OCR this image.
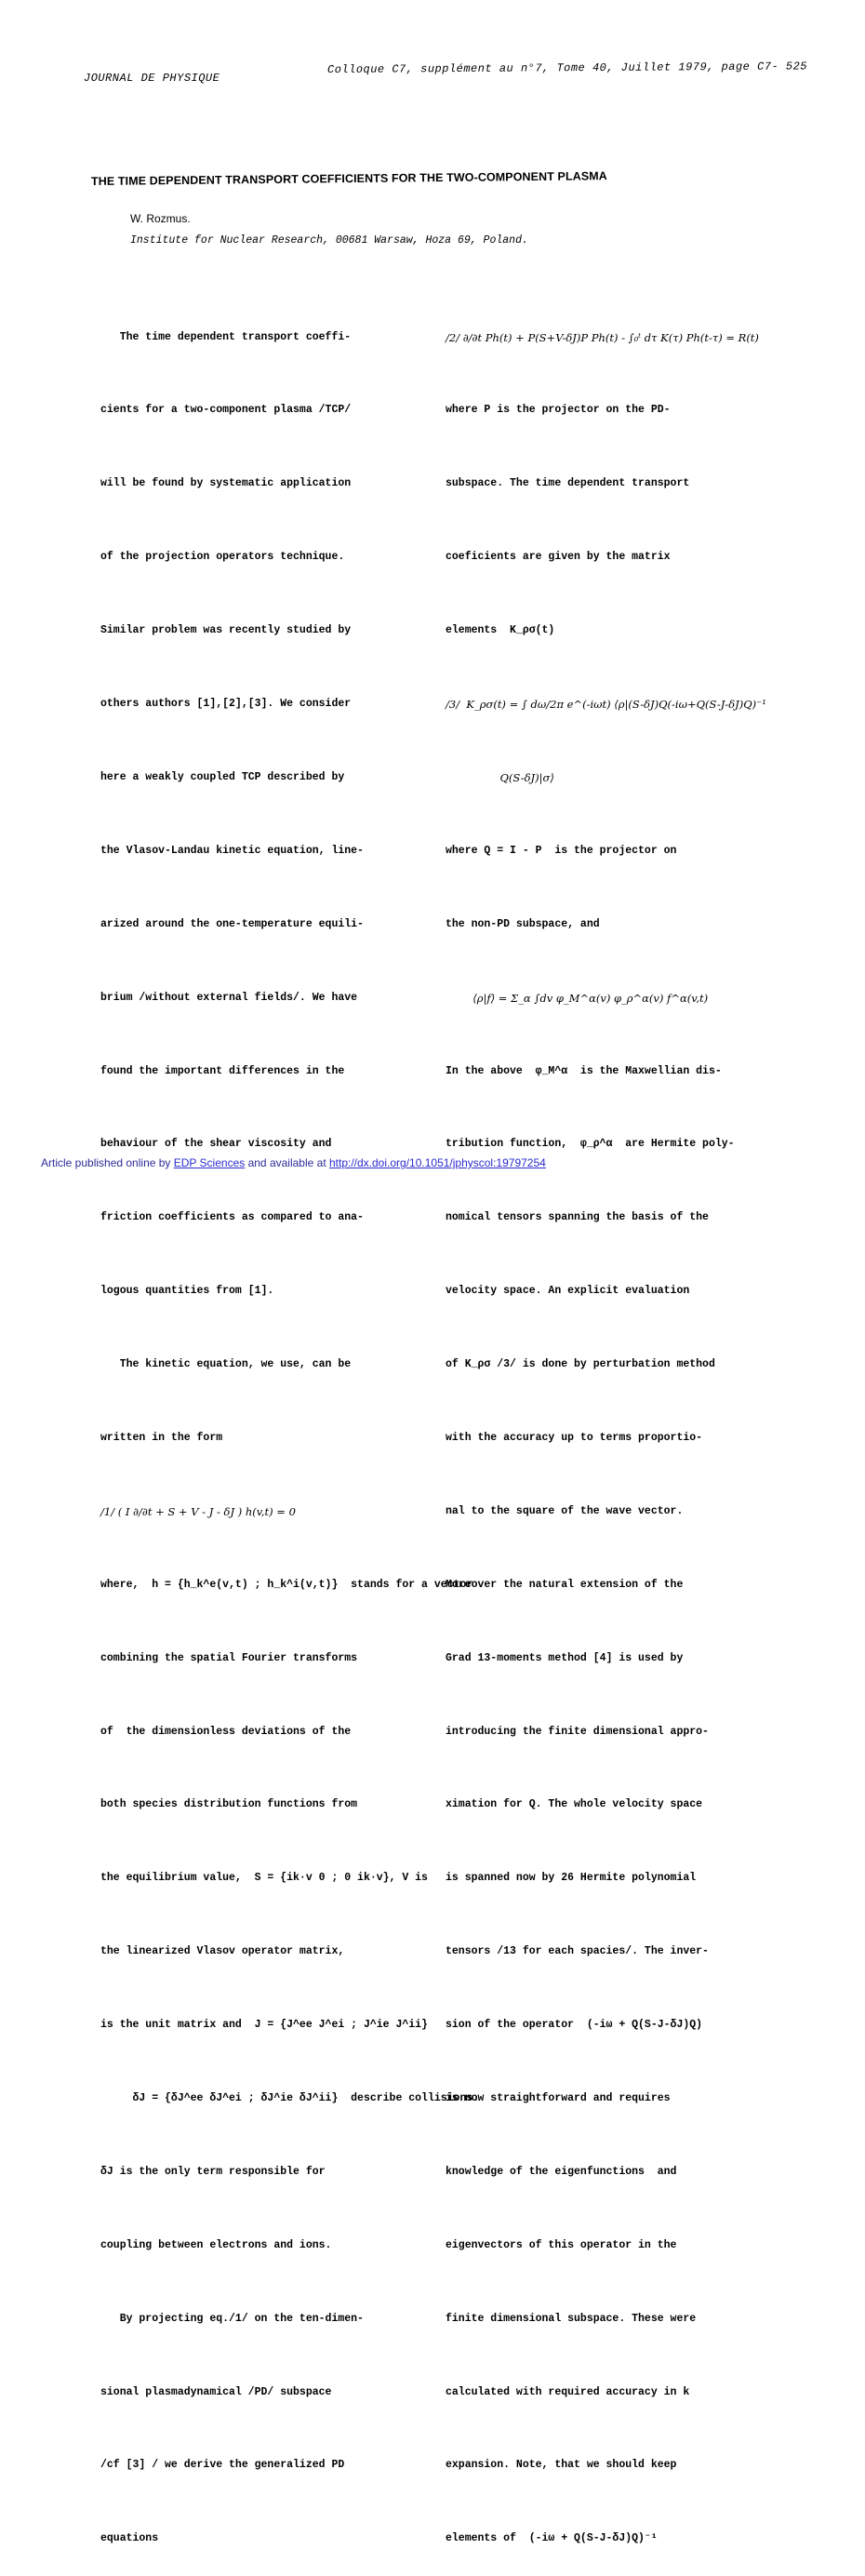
JOURNAL DE PHYSIQUE
Colloque C7, supplément au n°7, Tome 40, Juillet 1979, page C7- 525
THE TIME DEPENDENT TRANSPORT COEFFICIENTS FOR THE TWO-COMPONENT PLASMA
W. Rozmus.
Institute for Nuclear Research, 00681 Warsaw, Hoza 69, Poland.

The time dependent transport coeffi-

cients for a two-component plasma /TCP/

will be found by systematic application

of the projection operators technique.

Similar problem was recently studied by

others authors [1],[2],[3]. We consider

here a weakly coupled TCP described by

the Vlasov-Landau kinetic equation, line-

arized around the one-temperature equili-

brium /without external fields/. We have

found the important differences in the

behaviour of the shear viscosity and

friction coefficients as compared to ana-

logous quantities from [1].

The kinetic equation, we use, can be

written in the form

/1/ ( I ∂/∂t + S + V - J - δJ ) h(v,t) = 0

where,  h = {h_k^e(v,t) ; h_k^i(v,t)}  stands for a vector

combining the spatial Fourier transforms

of  the dimensionless deviations of the

both species distribution functions from

the equilibrium value,  S = {ik·v 0 ; 0 ik·v}, V is

the linearized Vlasov operator matrix,

is the unit matrix and  J = {J^ee J^ei ; J^ie J^ii}

δJ = {δJ^ee δJ^ei ; δJ^ie δJ^ii}  describe collisions.

δJ is the only term responsible for

coupling between electrons and ions.

By projecting eq./1/ on the ten-dimen-

sional plasmadynamical /PD/ subspace

/cf [3] / we derive the generalized PD

equations

/2/ ∂/∂t Ph(t) + P(S+V-δJ)P Ph(t) - ∫₀ᵗ dτ K(τ) Ph(t-τ) = R(t)

where P is the projector on the PD-

subspace. The time dependent transport

coeficients are given by the matrix

elements  K_ρσ(t)

/3/  K_ρσ(t) = ∫ dω/2π e^(-iωt) ⟨ρ|(S-δJ)Q(-iω+Q(S-J-δJ)Q)⁻¹

Q(S-δJ)|σ⟩

where Q = I - P  is the projector on

the non-PD subspace, and

⟨ρ|f⟩ = Σ_α ∫dv φ_M^α(v) φ_ρ^α(v) f^α(v,t)

In the above  φ_M^α  is the Maxwellian dis-

tribution function,  φ_ρ^α  are Hermite poly-

nomical tensors spanning the basis of the

velocity space. An explicit evaluation

of K_ρσ /3/ is done by perturbation method

with the accuracy up to terms proportio-

nal to the square of the wave vector.

Moreover the natural extension of the

Grad 13-moments method [4] is used by

introducing the finite dimensional appro-

ximation for Q. The whole velocity space

is spanned now by 26 Hermite polynomial

tensors /13 for each spacies/. The inver-

sion of the operator  (-iω + Q(S-J-δJ)Q)

is now straightforward and requires

knowledge of the eigenfunctions  and

eigenvectors of this operator in the

finite dimensional subspace. These were

calculated with required accuracy in k

expansion. Note, that we should keep

elements of  (-iω + Q(S-J-δJ)Q)⁻¹

Article published online by EDP Sciences and available at http://dx.doi.org/10.1051/jphyscol:19797254
